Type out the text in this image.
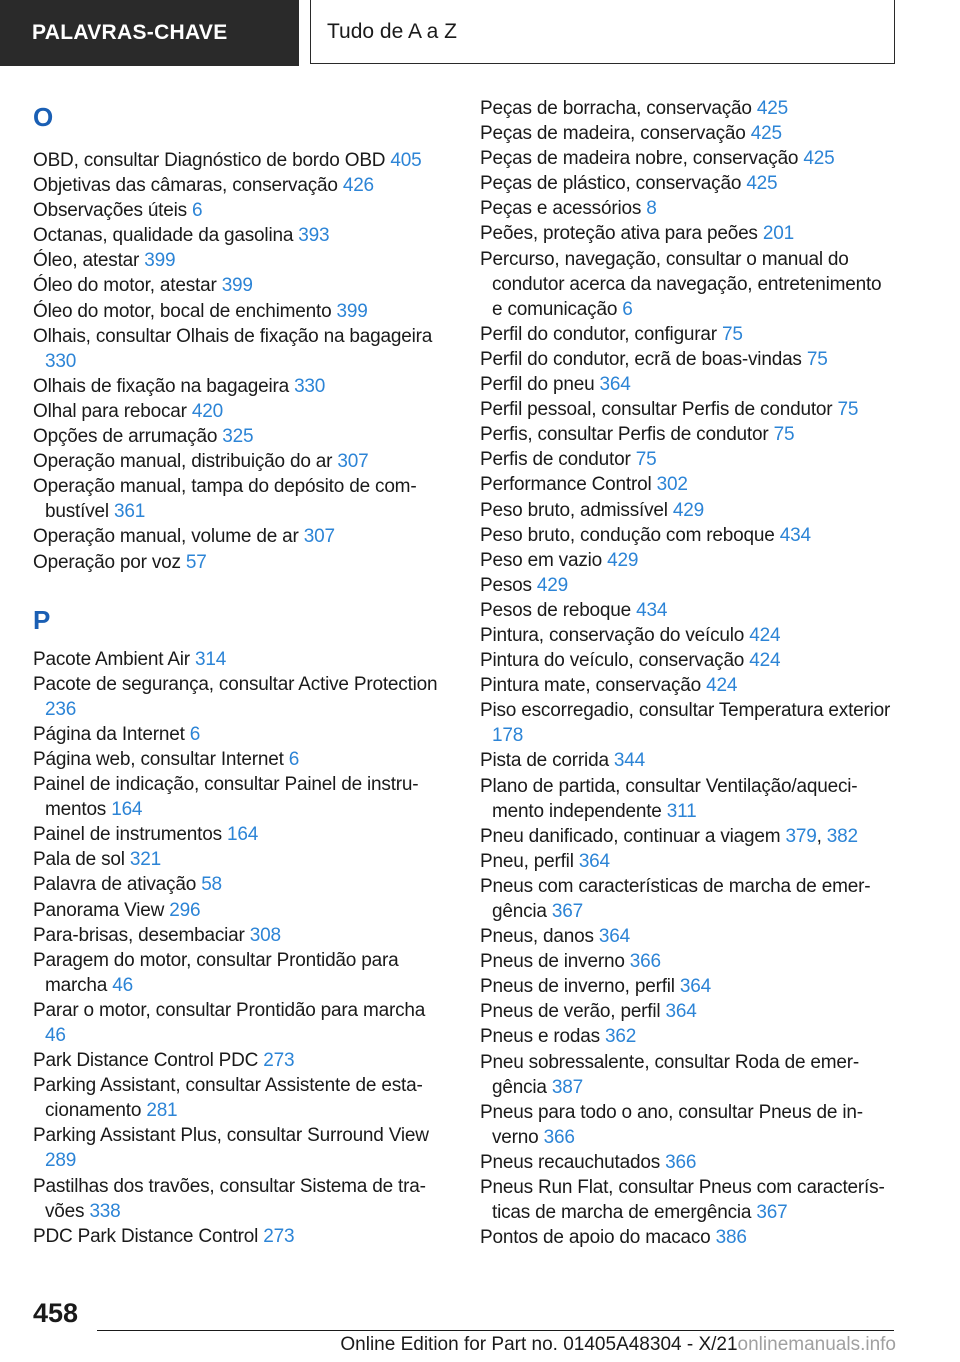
PALAVRAS-CHAVE	Tudo de A a Z
O
OBD, consultar Diagnóstico de bordo OBD 405
Objetivas das câmaras, conservação 426
Observações úteis 6
Octanas, qualidade da gasolina 393
Óleo, atestar 399
Óleo do motor, atestar 399
Óleo do motor, bocal de enchimento 399
Olhais, consultar Olhais de fixação na bagageira 330
Olhais de fixação na bagageira 330
Olhal para rebocar 420
Opções de arrumação 325
Operação manual, distribuição do ar 307
Operação manual, tampa do depósito de combustível 361
Operação manual, volume de ar 307
Operação por voz 57
P
Pacote Ambient Air 314
Pacote de segurança, consultar Active Protection 236
Página da Internet 6
Página web, consultar Internet 6
Painel de indicação, consultar Painel de instrumentos 164
Painel de instrumentos 164
Pala de sol 321
Palavra de ativação 58
Panorama View 296
Para-brisas, desembaciar 308
Paragem do motor, consultar Prontidão para marcha 46
Parar o motor, consultar Prontidão para marcha 46
Park Distance Control PDC 273
Parking Assistant, consultar Assistente de estacionamento 281
Parking Assistant Plus, consultar Surround View 289
Pastilhas dos travões, consultar Sistema de travões 338
PDC Park Distance Control 273
Peças de borracha, conservação 425
Peças de madeira, conservação 425
Peças de madeira nobre, conservação 425
Peças de plástico, conservação 425
Peças e acessórios 8
Peões, proteção ativa para peões 201
Percurso, navegação, consultar o manual do condutor acerca da navegação, entretenimento e comunicação 6
Perfil do condutor, configurar 75
Perfil do condutor, ecrã de boas-vindas 75
Perfil do pneu 364
Perfil pessoal, consultar Perfis de condutor 75
Perfis, consultar Perfis de condutor 75
Perfis de condutor 75
Performance Control 302
Peso bruto, admissível 429
Peso bruto, condução com reboque 434
Peso em vazio 429
Pesos 429
Pesos de reboque 434
Pintura, conservação do veículo 424
Pintura do veículo, conservação 424
Pintura mate, conservação 424
Piso escorregadio, consultar Temperatura exterior 178
Pista de corrida 344
Plano de partida, consultar Ventilação/aquecimento independente 311
Pneu danificado, continuar a viagem 379, 382
Pneu, perfil 364
Pneus com características de marcha de emergência 367
Pneus, danos 364
Pneus de inverno 366
Pneus de inverno, perfil 364
Pneus de verão, perfil 364
Pneus e rodas 362
Pneu sobressalente, consultar Roda de emergência 387
Pneus para todo o ano, consultar Pneus de inverno 366
Pneus recauchutados 366
Pneus Run Flat, consultar Pneus com características de marcha de emergência 367
Pontos de apoio do macaco 386
458
Online Edition for Part no. 01405A48304 - X/21onlinemanuals.info
